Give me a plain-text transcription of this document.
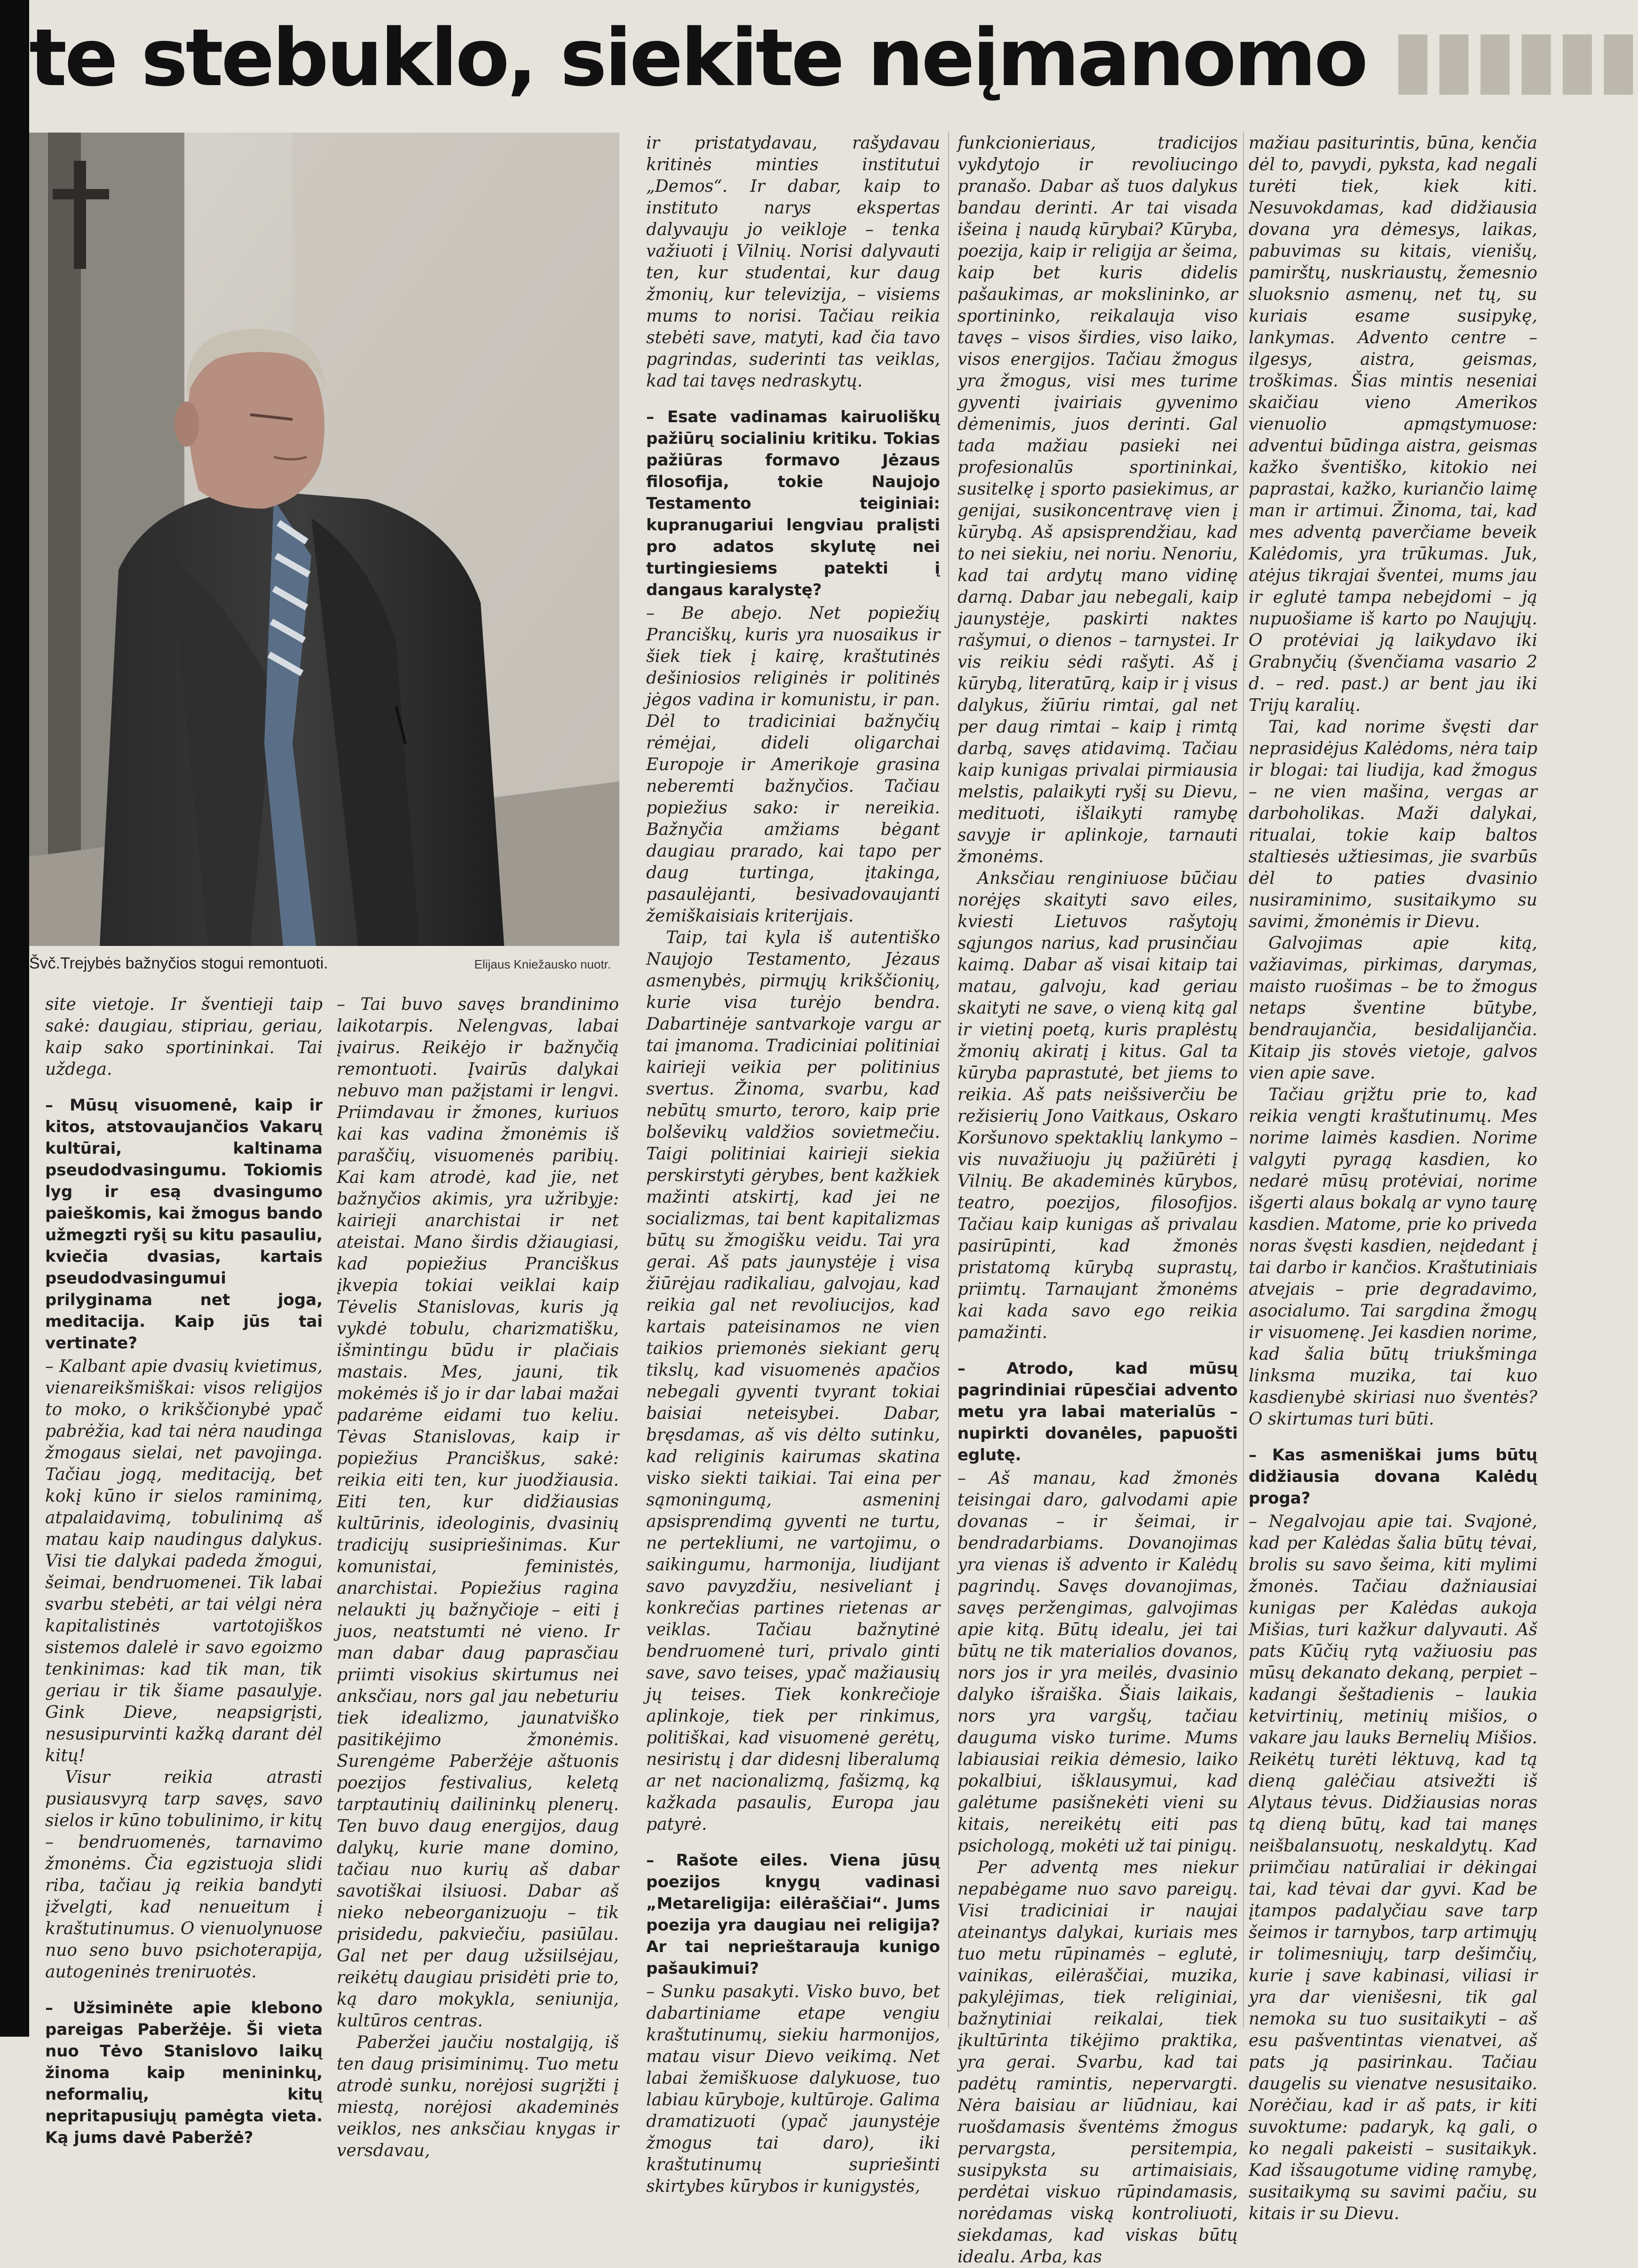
te stebuklo, siekite neįmanomo ▮▮▮▮▮▮
Švč.Trejybės bažnyčios stogui remontuoti.	Elijaus Kniežausko nuotr.

site vietoje. Ir šventieji taip sakė: daugiau, stipriau, geriau, kaip sako sportininkai. Tai uždega.

– Mūsų visuomenė, kaip ir kitos, atstovaujančios Vakarų kultūrai, kaltinama pseudodvasingumu. Tokiomis lyg ir esą dvasingumo paieškomis, kai žmogus bando užmegzti ryšį su kitu pasauliu, kviečia dvasias, kartais pseudodvasingumui prilyginama net joga, meditacija. Kaip jūs tai vertinate?

– Kalbant apie dvasių kvietimus, vienareikšmiškai: visos religijos to moko, o krikščionybė ypač pabrėžia, kad tai nėra naudinga žmogaus sielai, net pavojinga. Tačiau jogą, meditaciją, bet kokį kūno ir sielos raminimą, atpalaidavimą, tobulinimą aš matau kaip naudingus dalykus. Visi tie dalykai padeda žmogui, šeimai, bendruomenei. Tik labai svarbu stebėti, ar tai vėlgi nėra kapitalistinės vartotojiškos sistemos dalelė ir savo egoizmo tenkinimas: kad tik man, tik geriau ir tik šiame pasaulyje. Gink Dieve, neapsigrįsti, nesusipurvinti kažką darant dėl kitų!

Visur reikia atrasti pusiausvyrą tarp savęs, savo sielos ir kūno tobulinimo, ir kitų – bendruomenės, tarnavimo žmonėms. Čia egzistuoja slidi riba, tačiau ją reikia bandyti įžvelgti, kad nenueitum į kraštutinumus. O vienuolynuose nuo seno buvo psichoterapija, autogeninės treniruotės.

– Užsiminėte apie klebono pareigas Paberžėje. Ši vieta nuo Tėvo Stanislovo laikų žinoma kaip menininkų, neformalių, kitų nepritapusiųjų pamėgta vieta. Ką jums davė Paberžė?

– Tai buvo savęs brandinimo laikotarpis. Nelengvas, labai įvairus. Reikėjo ir bažnyčią remontuoti. Įvairūs dalykai nebuvo man pažįstami ir lengvi. Priimdavau ir žmones, kuriuos kai kas vadina žmonėmis iš paraščių, visuomenės paribių. Kai kam atrodė, kad jie, net bažnyčios akimis, yra užribyje: kairieji anarchistai ir net ateistai. Mano širdis džiaugiasi, kad popiežius Pranciškus įkvepia tokiai veiklai kaip Tėvelis Stanislovas, kuris ją vykdė tobulu, charizmatišku, išmintingu būdu ir plačiais mastais. Mes, jauni, tik mokėmės iš jo ir dar labai mažai padarėme eidami tuo keliu. Tėvas Stanislovas, kaip ir popiežius Pranciškus, sakė: reikia eiti ten, kur juodžiausia. Eiti ten, kur didžiausias kultūrinis, ideologinis, dvasinių tradicijų susipriešinimas. Kur komunistai, feministės, anarchistai. Popiežius ragina nelaukti jų bažnyčioje – eiti į juos, neatstumti nė vieno. Ir man dabar daug paprasčiau priimti visokius skirtumus nei anksčiau, nors gal jau nebeturiu tiek idealizmo, jaunatviško pasitikėjimo žmonėmis. Surengėme Paberžėje aštuonis poezijos festivalius, keletą tarptautinių dailininkų plenerų. Ten buvo daug energijos, daug dalykų, kurie mane domino, tačiau nuo kurių aš dabar savotiškai ilsiuosi. Dabar aš niekо nebeorganizuoju – tik prisidedu, pakviečiu, pasiūlau. Gal net per daug užsiilsėjau, reikėtų daugiau prisidėti prie to, ką daro mokykla, seniunija, kultūros centras.

Paberžei jaučiu nostalgiją, iš ten daug prisiminimų. Tuo metu atrodė sunku, norėjosi sugrįžti į miestą, norėjosi akademinės veiklos, nes anksčiau knygas ir versdavau,

ir pristatydavau, rašydavau kritinės minties institutui „Demos“. Ir dabar, kaip to instituto narys ekspertas dalyvauju jo veikloje – tenka važiuoti į Vilnių. Norisi dalyvauti ten, kur studentai, kur daug žmonių, kur televizija, – visiems mums to norisi. Tačiau reikia stebėti save, matyti, kad čia tavo pagrindas, suderinti tas veiklas, kad tai tavęs nedraskytų.

– Esate vadinamas kairuoliškų pažiūrų socialiniu kritiku. Tokias pažiūras formavo Jėzaus filosofija, tokie Naujojo Testamento teiginiai: kupranugariui lengviau pralįsti pro adatos skylutę nei turtingiesiems patekti į dangaus karalystę?

– Be abejo. Net popiežių Pranciškų, kuris yra nuosaikus ir šiek tiek į kairę, kraštutinės dešiniosios religinės ir politinės jėgos vadina ir komunistu, ir pan. Dėl to tradiciniai bažnyčių rėmėjai, dideli oligarchai Europoje ir Amerikoje grasina neberemti bažnyčios. Tačiau popiežius sako: ir nereikia. Bažnyčia amžiams bėgant daugiau prarado, kai tapo per daug turtinga, įtakinga, pasaulėjanti, besivadovaujanti žemiškaisiais kriterijais.

Taip, tai kyla iš autentiško Naujojo Testamento, Jėzaus asmenybės, pirmųjų krikščionių, kurie visa turėjo bendra. Dabartinėje santvarkoje vargu ar tai įmanoma. Tradiciniai politiniai kairieji veikia per politinius svertus. Žinoma, svarbu, kad nebūtų smurto, teroro, kaip prie bolševikų valdžios sovietmečiu. Taigi politiniai kairieji siekia perskirstyti gėrybes, bent kažkiek mažinti atskirtį, kad jei ne socializmas, tai bent kapitalizmas būtų su žmogišku veidu. Tai yra gerai. Aš pats jaunystėje į visa žiūrėjau radikaliau, galvojau, kad reikia gal net revoliucijos, kad kartais pateisinamos ne vien taikios priemonės siekiant gerų tikslų, kad visuomenės apačios nebegali gyventi tvyrant tokiai baisiai neteisybei. Dabar, bręsdamas, aš vis dėlto sutinku, kad religinis kairumas skatina visko siekti taikiai. Tai eina per sąmoningumą, asmeninį apsisprendimą gyventi ne turtu, ne pertekliumi, ne vartojimu, o saikingumu, harmonija, liudijant savo pavyzdžiu, nesiveliant į konkrečias partines rietenas ar veiklas. Tačiau bažnytinė bendruomenė turi, privalo ginti save, savo teises, ypač mažiausių jų teises. Tiek konkrečioje aplinkoje, tiek per rinkimus, politiškai, kad visuomenė gerėtų, nesiristų į dar didesnį liberalumą ar net nacionalizmą, fašizmą, ką kažkada pasaulis, Europa jau patyrė.

– Rašote eiles. Viena jūsų poezijos knygų vadinasi „Metareligija: eilėraščiai“. Jums poezija yra daugiau nei religija? Ar tai neprieštarauja kunigo pašaukimui?

– Sunku pasakyti. Visko buvo, bet dabartiniame etape vengiu kraštutinumų, siekiu harmonijos, matau visur Dievo veikimą. Net labai žemiškuose dalykuose, tuo labiau kūryboje, kultūroje. Galima dramatizuoti (ypač jaunystėje žmogus tai daro), iki kraštutinumų supriešinti skirtybes kūrybos ir kunigystės,

funkcionieriaus, tradicijos vykdytojo ir revoliucingo pranašo. Dabar aš tuos dalykus bandau derinti. Ar tai visada išeina į naudą kūrybai? Kūryba, poezija, kaip ir religija ar šeima, kaip bet kuris didelis pašaukimas, ar mokslininko, ar sportininko, reikalauja viso tavęs – visos širdies, viso laiko, visos energijos. Tačiau žmogus yra žmogus, visi mes turime gyventi įvairiais gyvenimo dėmenimis, juos derinti. Gal tada mažiau pasieki nei profesionalūs sportininkai, susitelkę į sporto pasiekimus, ar genijai, susikoncentravę vien į kūrybą. Aš apsisprendžiau, kad to nei siekiu, nei noriu. Nenoriu, kad tai ardytų mano vidinę darną. Dabar jau nebegali, kaip jaunystėje, paskirti naktes rašymui, o dienos – tarnystei. Ir vis reikiu sėdi rašyti. Aš į kūrybą, literatūrą, kaip ir į visus dalykus, žiūriu rimtai, gal net per daug rimtai – kaip į rimtą darbą, savęs atidavimą. Tačiau kaip kunigas privalai pirmiausia melstis, palaikyti ryšį su Dievu, medituoti, išlaikyti ramybę savyje ir aplinkoje, tarnauti žmonėms.

Anksčiau renginiuose būčiau norėjęs skaityti savo eiles, kviesti Lietuvos rašytojų sąjungos narius, kad prusinčiau kaimą. Dabar aš visai kitaip tai matau, galvoju, kad geriau skaityti ne save, o vieną kitą gal ir vietinį poetą, kuris praplėstų žmonių akiratį į kitus. Gal ta kūryba paprastutė, bet jiems to reikia. Aš pats neišsiverčiu be režisierių Jono Vaitkaus, Oskaro Koršunovo spektaklių lankymo – vis nuvažiuoju jų pažiūrėti į Vilnių. Be akademinės kūrybos, teatro, poezijos, filosofijos. Tačiau kaip kunigas aš privalau pasirūpinti, kad žmonės pristatomą kūrybą suprastų, priimtų. Tarnaujant žmonėms kai kada savo ego reikia pamažinti.

– Atrodo, kad mūsų pagrindiniai rūpesčiai advento metu yra labai materialūs – nupirkti dovanėles, papuošti eglutę.

– Aš manau, kad žmonės teisingai daro, galvodami apie dovanas – ir šeimai, ir bendradarbiams. Dovanojimas yra vienas iš advento ir Kalėdų pagrindų. Savęs dovanojimas, savęs peržengimas, galvojimas apie kitą. Būtų idealu, jei tai būtų ne tik materialios dovanos, nors jos ir yra meilės, dvasinio dalyko išraiška. Šiais laikais, nors yra vargšų, tačiau dauguma visko turime. Mums labiausiai reikia dėmesio, laiko pokalbiui, išklausymui, kad galėtume pasišnekėti vieni su kitais, nereikėtų eiti pas psichologą, mokėti už tai pinigų.

Per adventą mes niekur nepabėgame nuo savo pareigų. Visi tradiciniai ir naujai ateinantys dalykai, kuriais mes tuo metu rūpinamės – eglutė, vainikas, eilėraščiai, muzika, pakylėjimas, tiek religiniai, bažnytiniai reikalai, tiek įkultūrinta tikėjimo praktika, yra gerai. Svarbu, kad tai padėtų ramintis, nepervargti. Nėra baisiau ar liūdniau, kai ruošdamasis šventėms žmogus pervargsta, persitempia, susipyksta su artimaisiais, perdėtai viskuo rūpindamasis, norėdamas viską kontroliuoti, siekdamas, kad viskas būtų idealu. Arba, kas

mažiau pasiturintis, būna, kenčia dėl to, pavydi, pyksta, kad negali turėti tiek, kiek kiti. Nesuvokdamas, kad didžiausia dovana yra dėmesys, laikas, pabuvimas su kitais, vienišų, pamirštų, nuskriaustų, žemesnio sluoksnio asmenų, net tų, su kuriais esame susipykę, lankymas. Advento centre – ilgesys, aistra, geismas, troškimas. Šias mintis neseniai skaičiau vieno Amerikos vienuolio apmąstymuose: adventui būdinga aistra, geismas kažko šventiško, kitokio nei paprastai, kažko, kuriančio laimę man ir artimui. Žinoma, tai, kad mes adventą paverčiame beveik Kalėdomis, yra trūkumas. Juk, atėjus tikrajai šventei, mums jau ir eglutė tampa nebejdomi – ją nupuošiame iš karto po Naujųjų. O protėviai ją laikydavo iki Grabnyčių (švenčiama vasario 2 d. – red. past.) ar bent jau iki Trijų karalių.

Tai, kad norime švęsti dar neprasidėjus Kalėdoms, nėra taip ir blogai: tai liudija, kad žmogus – ne vien mašina, vergas ar darboholikas. Maži dalykai, ritualai, tokie kaip baltos staltiesės užtiesimas, jie svarbūs dėl to paties dvasinio nusiraminimo, susitaikymo su savimi, žmonėmis ir Dievu.

Galvojimas apie kitą, važiavimas, pirkimas, darymas, maisto ruošimas – be to žmogus netaps šventine būtybe, bendraujančia, besidalijančia. Kitaip jis stovės vietoje, galvos vien apie save.

Tačiau grįžtu prie to, kad reikia vengti kraštutinumų. Mes norime laimės kasdien. Norime valgyti pyragą kasdien, ko nedarė mūsų protėviai, norime išgerti alaus bokalą ar vyno taurę kasdien. Matome, prie ko priveda noras švęsti kasdien, neįdedant į tai darbo ir kančios. Kraštutiniais atvejais – prie degradavimo, asocialumo. Tai sargdina žmogų ir visuomenę. Jei kasdien norime, kad šalia būtų triukšminga linksma muzika, tai kuo kasdienybė skiriasi nuo šventės? O skirtumas turi būti.

– Kas asmeniškai jums būtų didžiausia dovana Kalėdų proga?

– Negalvojau apie tai. Svajonė, kad per Kalėdas šalia būtų tėvai, brolis su savo šeima, kiti mylimi žmonės. Tačiau dažniausiai kunigas per Kalėdas aukoja Mišias, turi kažkur dalyvauti. Aš pats Kūčių rytą važiuosiu pas mūsų dekanato dekaną, perpiet – kadangi šeštadienis – laukia ketvirtinių, metinių mišios, o vakare jau lauks Bernelių Mišios. Reikėtų turėti lėktuvą, kad tą dieną galėčiau atsivežti iš Alytaus tėvus. Didžiausias noras tą dieną būtų, kad tai manęs neišbalansuotų, neskaldytų. Kad priimčiau natūraliai ir dėkingai tai, kad tėvai dar gyvi. Kad be įtampos padalyčiau save tarp šeimos ir tarnybos, tarp artimųjų ir tolimesniųjų, tarp dešimčių, kurie į save kabinasi, viliasi ir yra dar vienišesni, tik gal nemoka su tuo susitaikyti – aš esu pašventintas vienatvei, aš pats ją pasirinkau. Tačiau daugelis su vienatve nesusitaiko. Norėčiau, kad ir aš pats, ir kiti suvoktume: padaryk, ką gali, o ko negali pakeisti – susitaikyk. Kad išsaugotume vidinę ramybę, susitaikymą su savimi pačiu, su kitais ir su Dievu.
